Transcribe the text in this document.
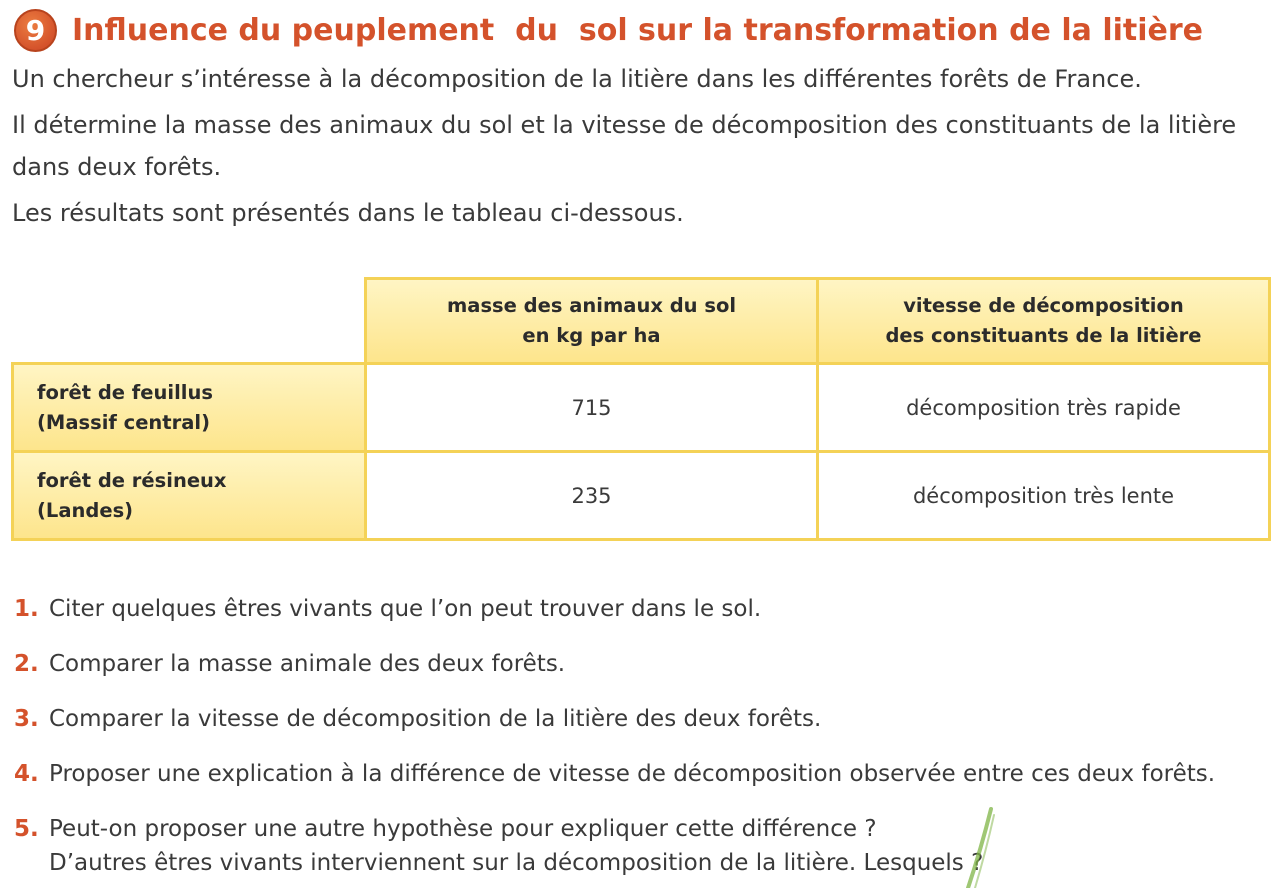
9 Influence du peuplement  du  sol sur la transformation de la litière

Un chercheur s’intéresse à la décomposition de la litière dans les différentes forêts de France.

Il détermine la masse des animaux du sol et la vitesse de décomposition des constituants de la litière

dans deux forêts.

Les résultats sont présentés dans le tableau ci-dessous.

masse des animaux du sol
en kg par ha
vitesse de décomposition
des constituants de la litière
forêt de feuillus
(Massif central)
715	décomposition très rapide
forêt de résineux
(Landes)
235	décomposition très lente
1. Citer quelques êtres vivants que l’on peut trouver dans le sol.

2. Comparer la masse animale des deux forêts.

3. Comparer la vitesse de décomposition de la litière des deux forêts.

4. Proposer une explication à la différence de vitesse de décomposition observée entre ces deux forêts.

5. Peut-on proposer une autre hypothèse pour expliquer cette différence ?

D’autres êtres vivants interviennent sur la décomposition de la litière. Lesquels ?
